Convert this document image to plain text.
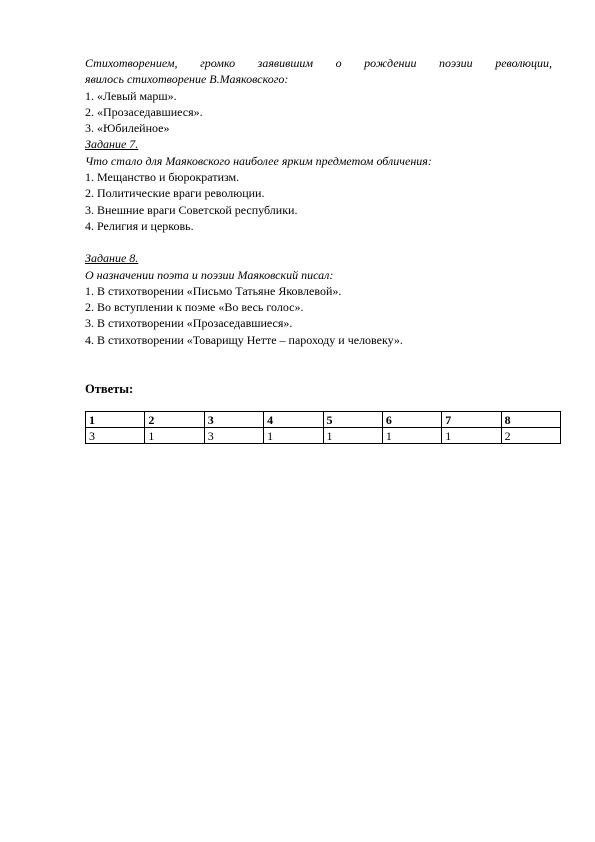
Стихотворением, громко заявившим о рождении поэзии революции,
явилось стихотворение В.Маяковского:
1. «Левый марш».
2. «Прозаседавшиеся».
3. «Юбилейное»
Задание 7.
Что стало для Маяковского наиболее ярким предметом обличения:
1. Мещанство и бюрократизм.
2. Политические враги революции.
3. Внешние враги Советской республики.
4. Религия и церковь.
Задание 8.
О назначении поэта и поэзии Маяковский писал:
1. В стихотворении «Письмо Татьяне Яковлевой».
2. Во вступлении к поэме «Во весь голос».
3. В стихотворении «Прозаседавшиеся».
4. В стихотворении «Товарищу Нетте – пароходу и человеку».
Ответы:
1	2	3	4	5	6	7	8
3	1	3	1	1	1	1	2
